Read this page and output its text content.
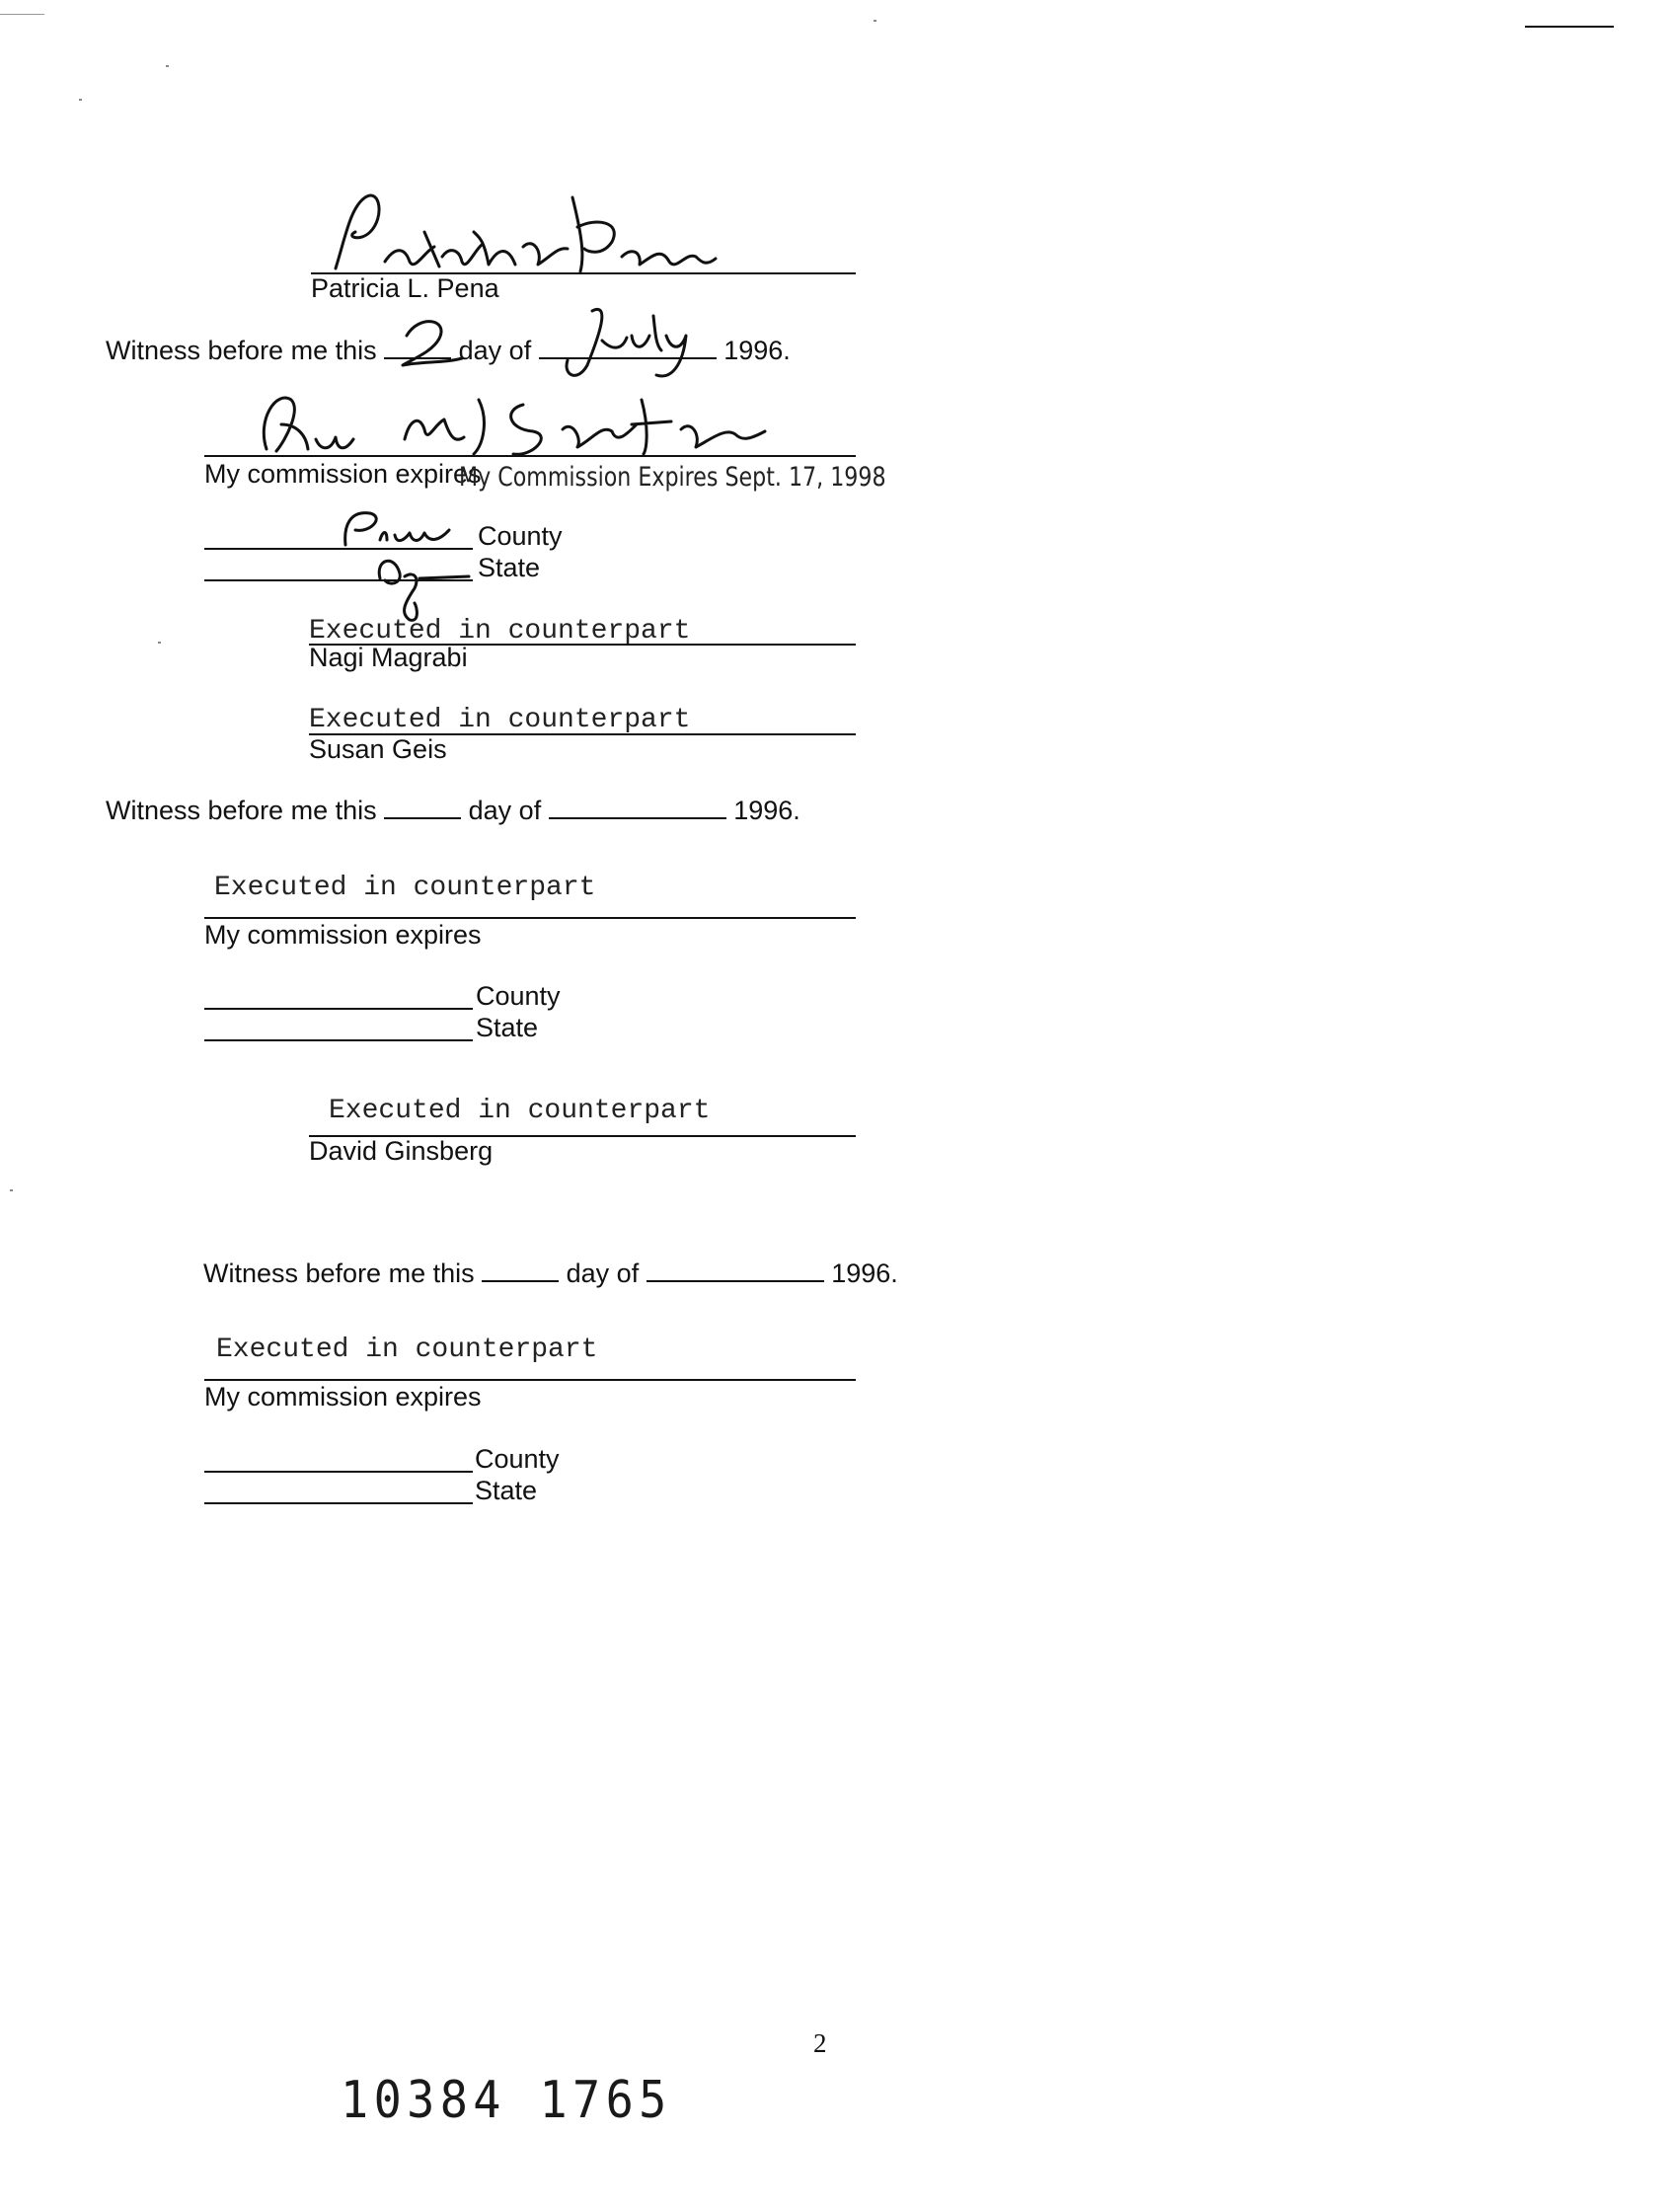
Patricia L. Pena
Witness before me this	day of	1996.
My commission expires
My Commission Expires Sept. 17, 1998
County
State
Executed in counterpart
Nagi Magrabi
Executed in counterpart
Susan Geis
Witness before me this	day of	1996.
Executed in counterpart
My commission expires
County
State
Executed in counterpart
David Ginsberg
Witness before me this	day of	1996.
Executed in counterpart
My commission expires
County
State
2
10384 1765
